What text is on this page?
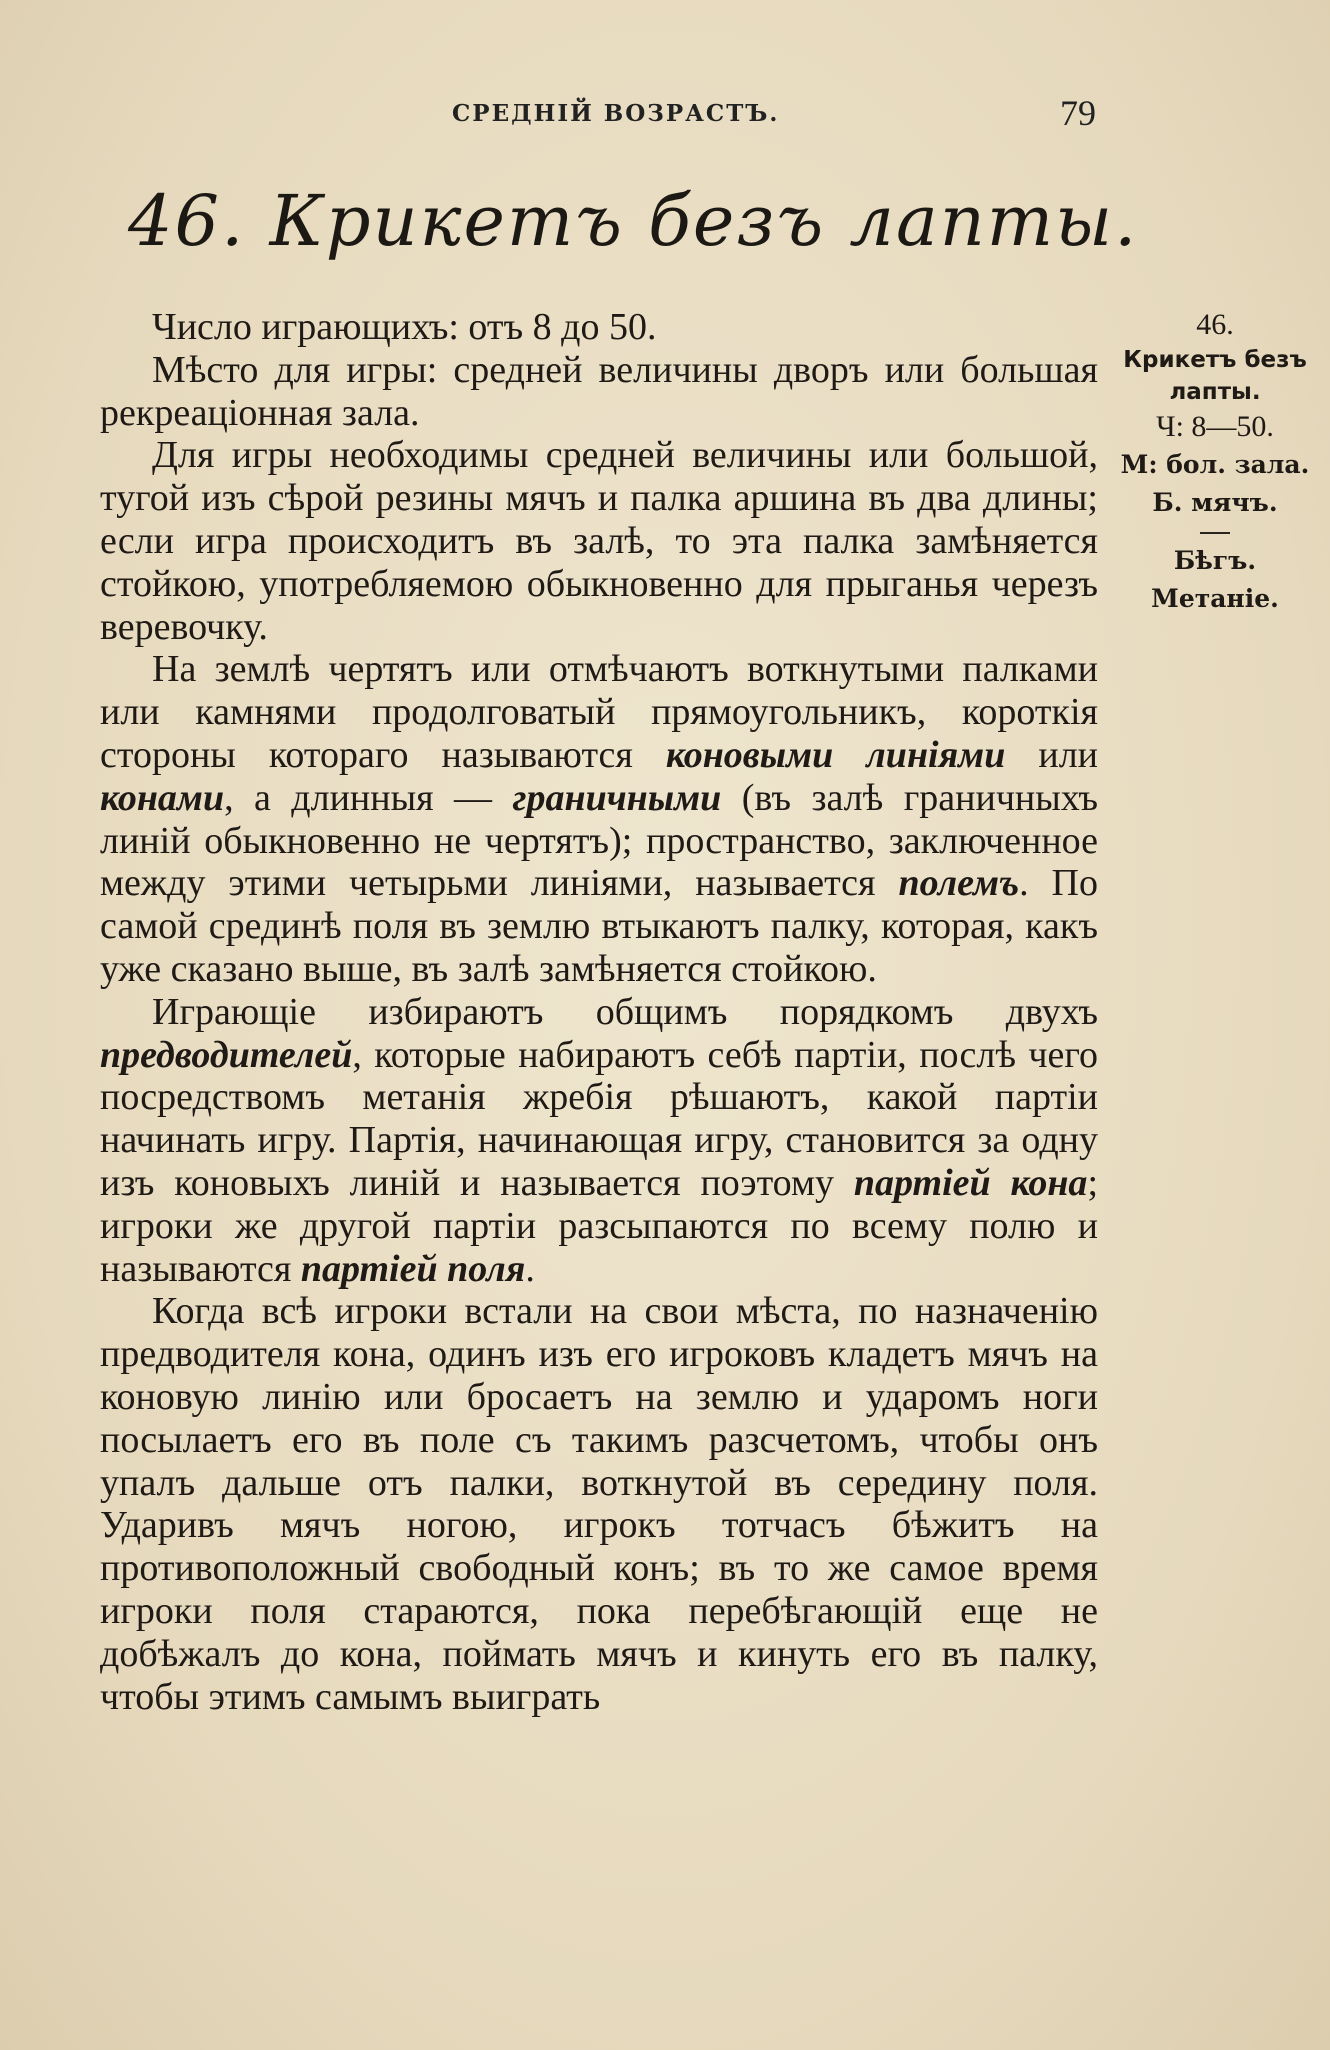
СРЕДНIЙ ВОЗРАСТЪ.	79
46. Крикетъ безъ лапты.

Число играющихъ: отъ 8 до 50.

Мѣсто для игры: средней величины дворъ или большая рекреацiонная зала.

Для игры необходимы средней величины или большой, тугой изъ сѣрой резины мячъ и палка аршина въ два длины; если игра происходитъ въ залѣ, то эта палка замѣняется стойкою, употребляемою обыкновенно для прыганья черезъ веревочку.

На землѣ чертятъ или отмѣчаютъ воткнутыми палками или камнями продолговатый прямоугольникъ, короткiя стороны котораго называются коновыми линiями или конами, а длинныя — граничными (въ залѣ граничныхъ линiй обыкновенно не чертятъ); пространство, заключенное между этими четырьми линiями, называется полемъ. По самой срединѣ поля въ землю втыкаютъ палку, которая, какъ уже сказано выше, въ залѣ замѣняется стойкою.

Играющiе избираютъ общимъ порядкомъ двухъ предводителей, которые набираютъ себѣ партiи, послѣ чего посредствомъ метанiя жребiя рѣшаютъ, какой партiи начинать игру. Партiя, начинающая игру, становится за одну изъ коновыхъ линiй и называется поэтому партiей кона; игроки же другой партiи разсыпаются по всему полю и называются партiей поля.

Когда всѣ игроки встали на свои мѣста, по назначенiю предводителя кона, одинъ изъ его игроковъ кладетъ мячъ на коновую линiю или бросаетъ на землю и ударомъ ноги посылаетъ его въ поле съ такимъ разсчетомъ, чтобы онъ упалъ дальше отъ палки, воткнутой въ середину поля. Ударивъ мячъ ногою, игрокъ тотчасъ бѣжитъ на противоположный свободный конъ; въ то же самое время игроки поля стараются, пока перебѣгающiй еще не добѣжалъ до кона, поймать мячъ и кинуть его въ палку, чтобы этимъ самымъ выиграть

46.
Крикетъ безъ
лапты.
Ч: 8—50.
М: бол. зала.
Б. мячъ.
Бѣгъ.
Метанiе.
